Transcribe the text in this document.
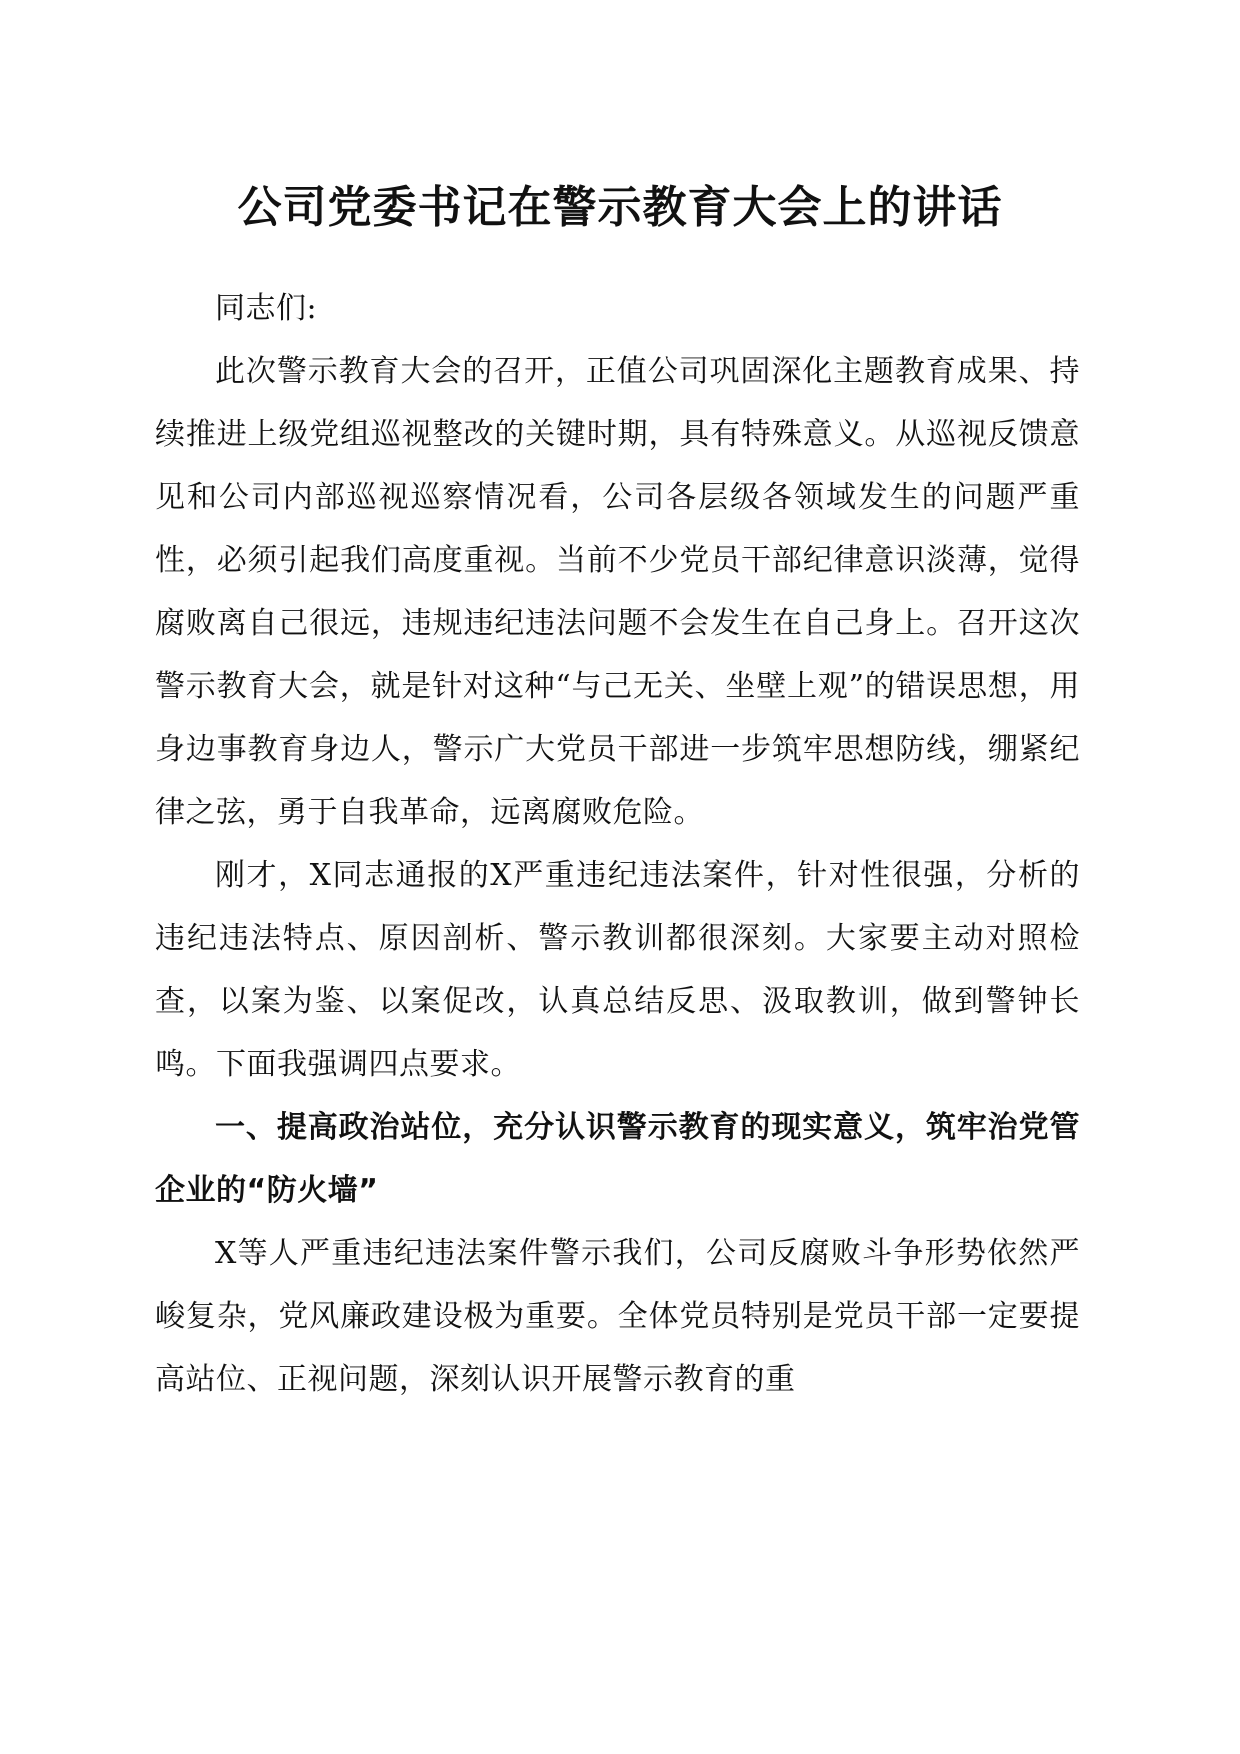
公司党委书记在警示教育大会上的讲话

同志们:

此次警示教育大会的召开，正值公司巩固深化主题教育成果、持续推进上级党组巡视整改的关键时期，具有特殊意义。从巡视反馈意见和公司内部巡视巡察情况看，公司各层级各领域发生的问题严重性，必须引起我们高度重视。当前不少党员干部纪律意识淡薄，觉得腐败离自己很远，违规违纪违法问题不会发生在自己身上。召开这次警示教育大会，就是针对这种“与己无关、坐壁上观”的错误思想，用身边事教育身边人，警示广大党员干部进一步筑牢思想防线，绷紧纪律之弦，勇于自我革命，远离腐败危险。

刚才，X同志通报的X严重违纪违法案件，针对性很强，分析的违纪违法特点、原因剖析、警示教训都很深刻。大家要主动对照检查，以案为鉴、以案促改，认真总结反思、汲取教训，做到警钟长鸣。下面我强调四点要求。

一、提高政治站位，充分认识警示教育的现实意义，筑牢治党管企业的“防火墙”

X等人严重违纪违法案件警示我们，公司反腐败斗争形势依然严峻复杂，党风廉政建设极为重要。全体党员特别是党员干部一定要提高站位、正视问题，深刻认识开展警示教育的重
